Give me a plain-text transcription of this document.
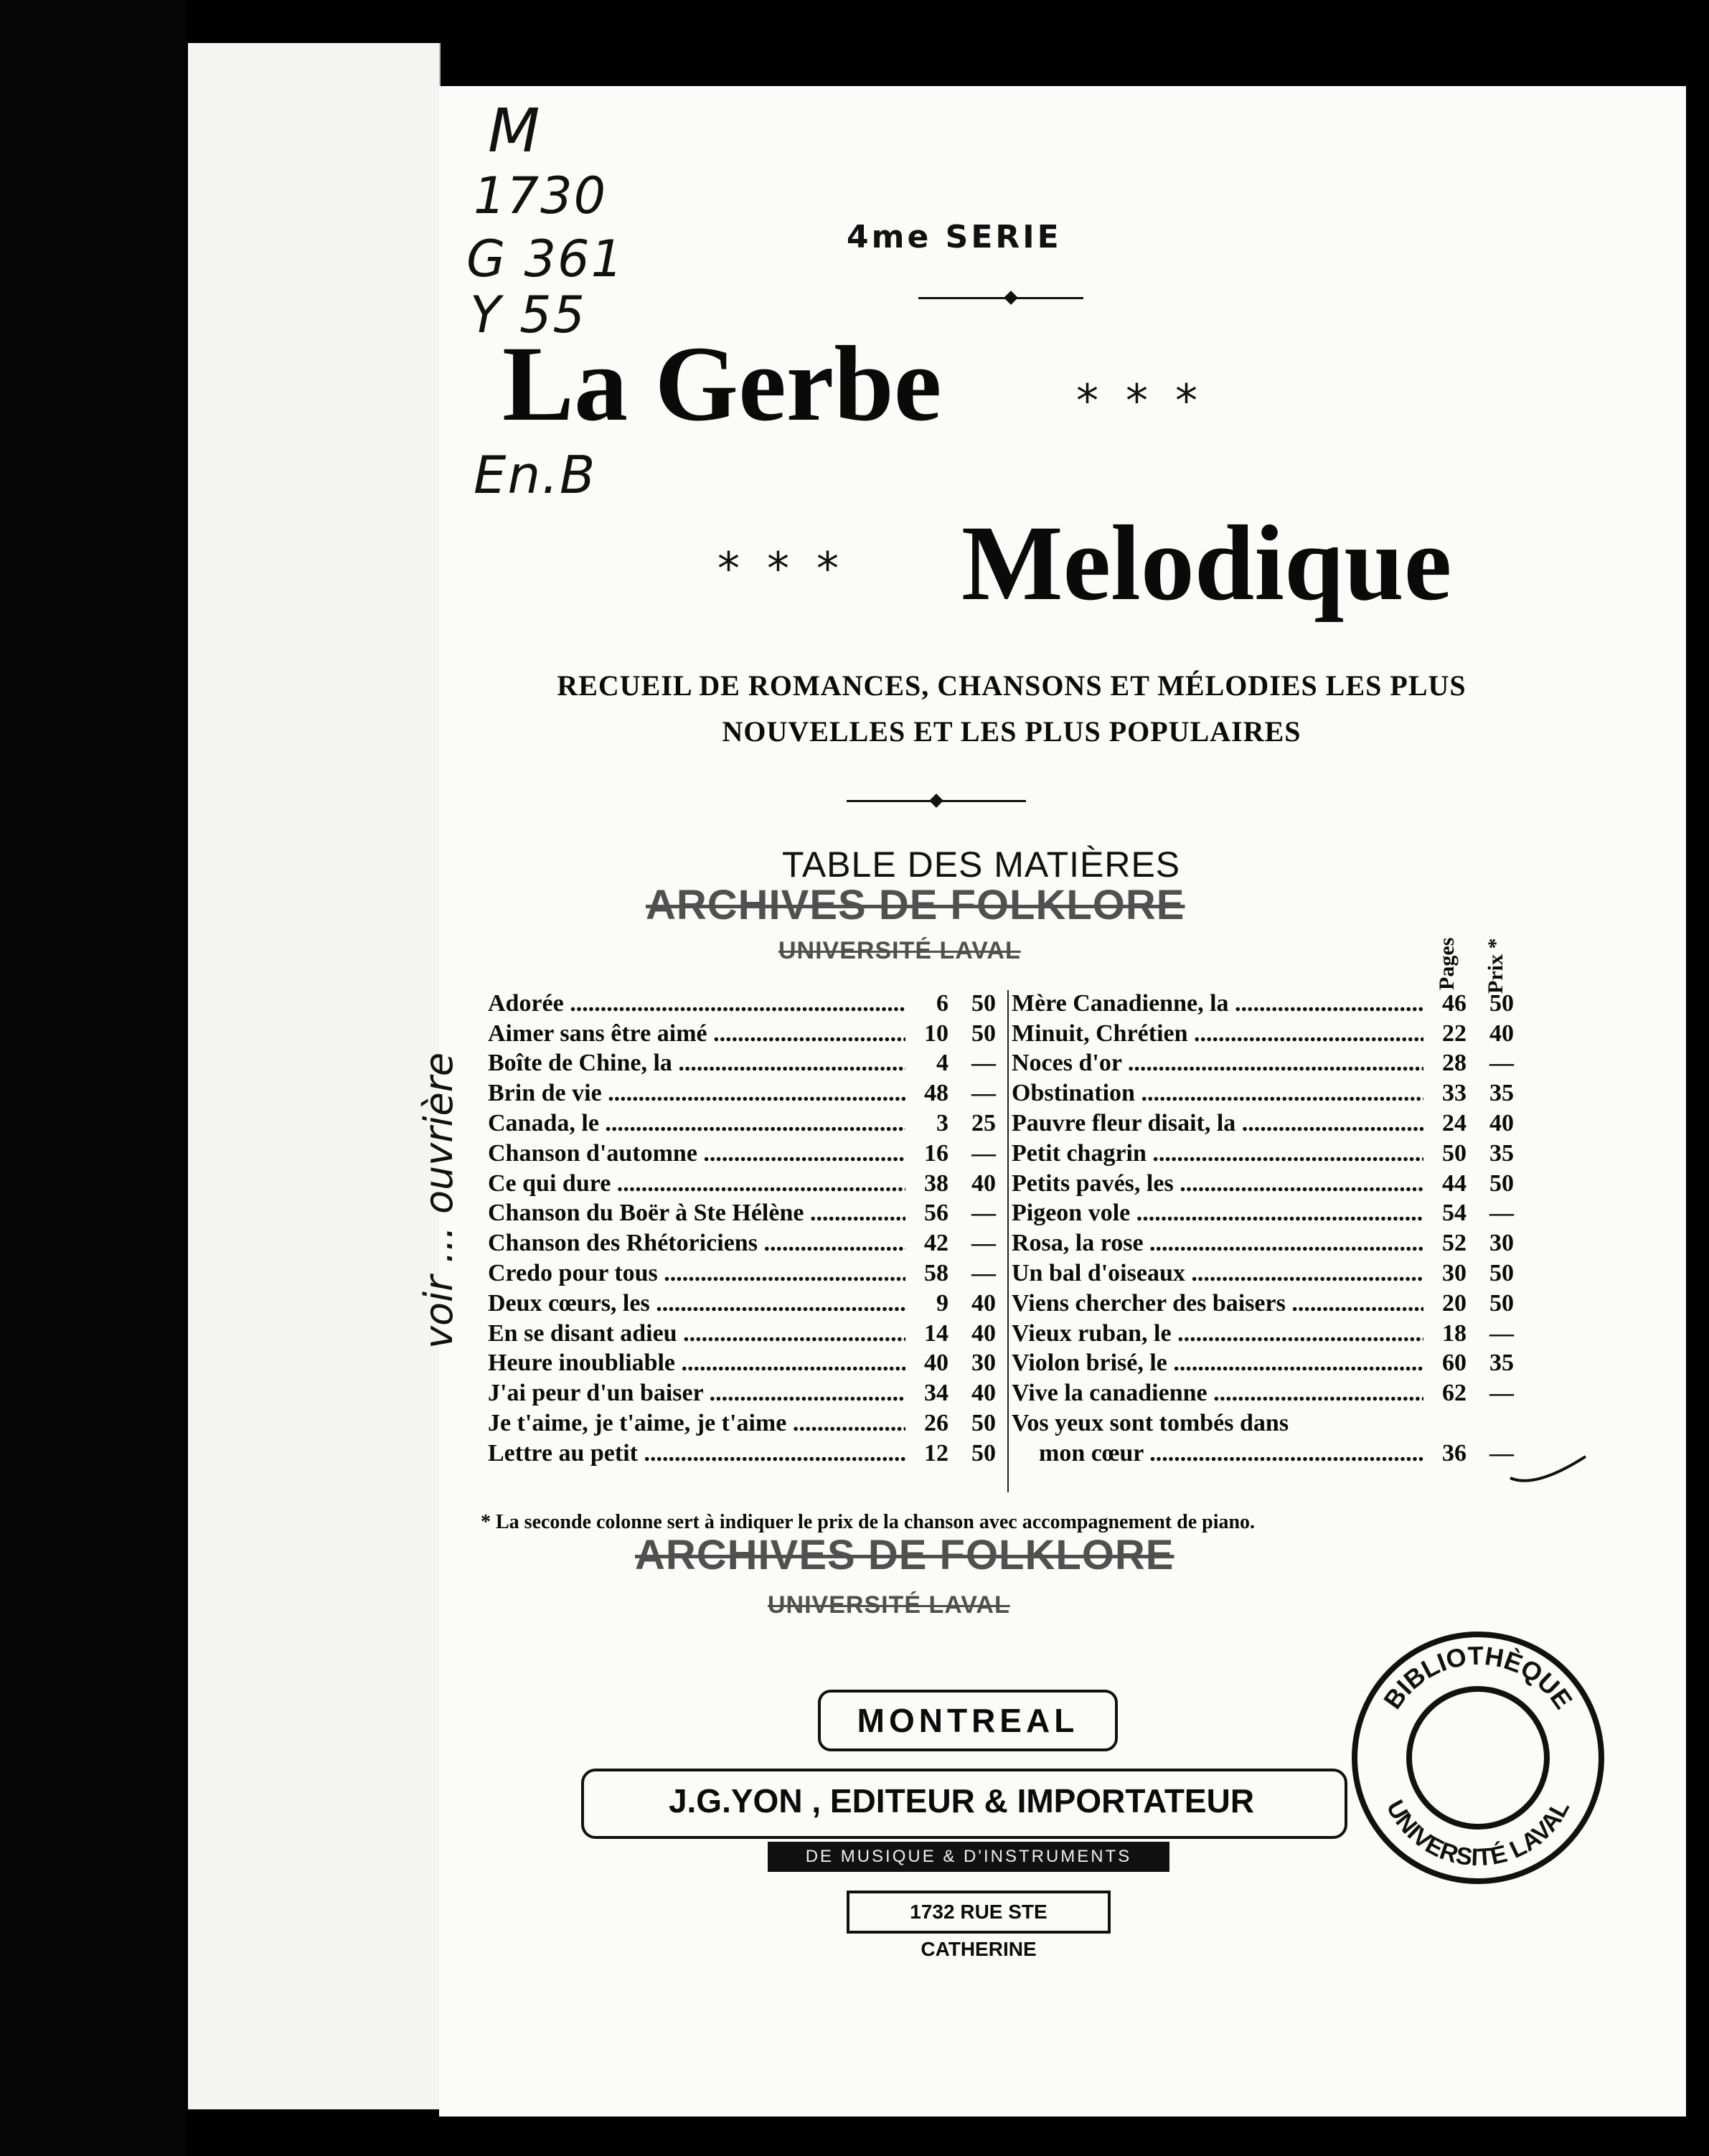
M
1730
G 361
Y 55
En.B
voir ... ouvrière
4me SERIE
La Gerbe	***
*** Melodique
RECUEIL DE ROMANCES, CHANSONS ET MÉLODIES LES PLUS
NOUVELLES ET LES PLUS POPULAIRES
TABLE DES MATIÈRES
ARCHIVES DE FOLKLORE
UNIVERSITÉ LAVAL	Pages Prix *
Adorée .....	6 50
Aimer sans être aimé .....	10 50
Boîte de Chine, la .....	4 —
Brin de vie .....	48 —
Canada, le .....	3 25
Chanson d'automne .....	16 —
Ce qui dure .....	38 40
Chanson du Boër à Ste Hélène .....	56 —
Chanson des Rhétoriciens .....	42 —
Credo pour tous .....	58 —
Deux cœurs, les .....	9 40
En se disant adieu .....	14 40
Heure inoubliable .....	40 30
J'ai peur d'un baiser .....	34 40
Je t'aime, je t'aime, je t'aime .....	26 50
Lettre au petit .....	12 50
Mère Canadienne, la .....	46 50
Minuit, Chrétien .....	22 40
Noces d'or .....	28 —
Obstination .....	33 35
Pauvre fleur disait, la .....	24 40
Petit chagrin .....	50 35
Petits pavés, les .....	44 50
Pigeon vole .....	54 —
Rosa, la rose .....	52 30
Un bal d'oiseaux .....	30 50
Viens chercher des baisers .....	20 50
Vieux ruban, le .....	18 —
Violon brisé, le .....	60 35
Vive la canadienne .....	62 —
Vos yeux sont tombés dans
mon cœur .....	36 —
* La seconde colonne sert à indiquer le prix de la chanson avec accompagnement de piano.
ARCHIVES DE FOLKLORE
UNIVERSITÉ LAVAL
MONTREAL
J.G.YON , EDITEUR & IMPORTATEUR
DE MUSIQUE & D'INSTRUMENTS
1732 RUE STE CATHERINE
BIBLIOTHÈQUE
UNIVERSITÉ LAVAL
